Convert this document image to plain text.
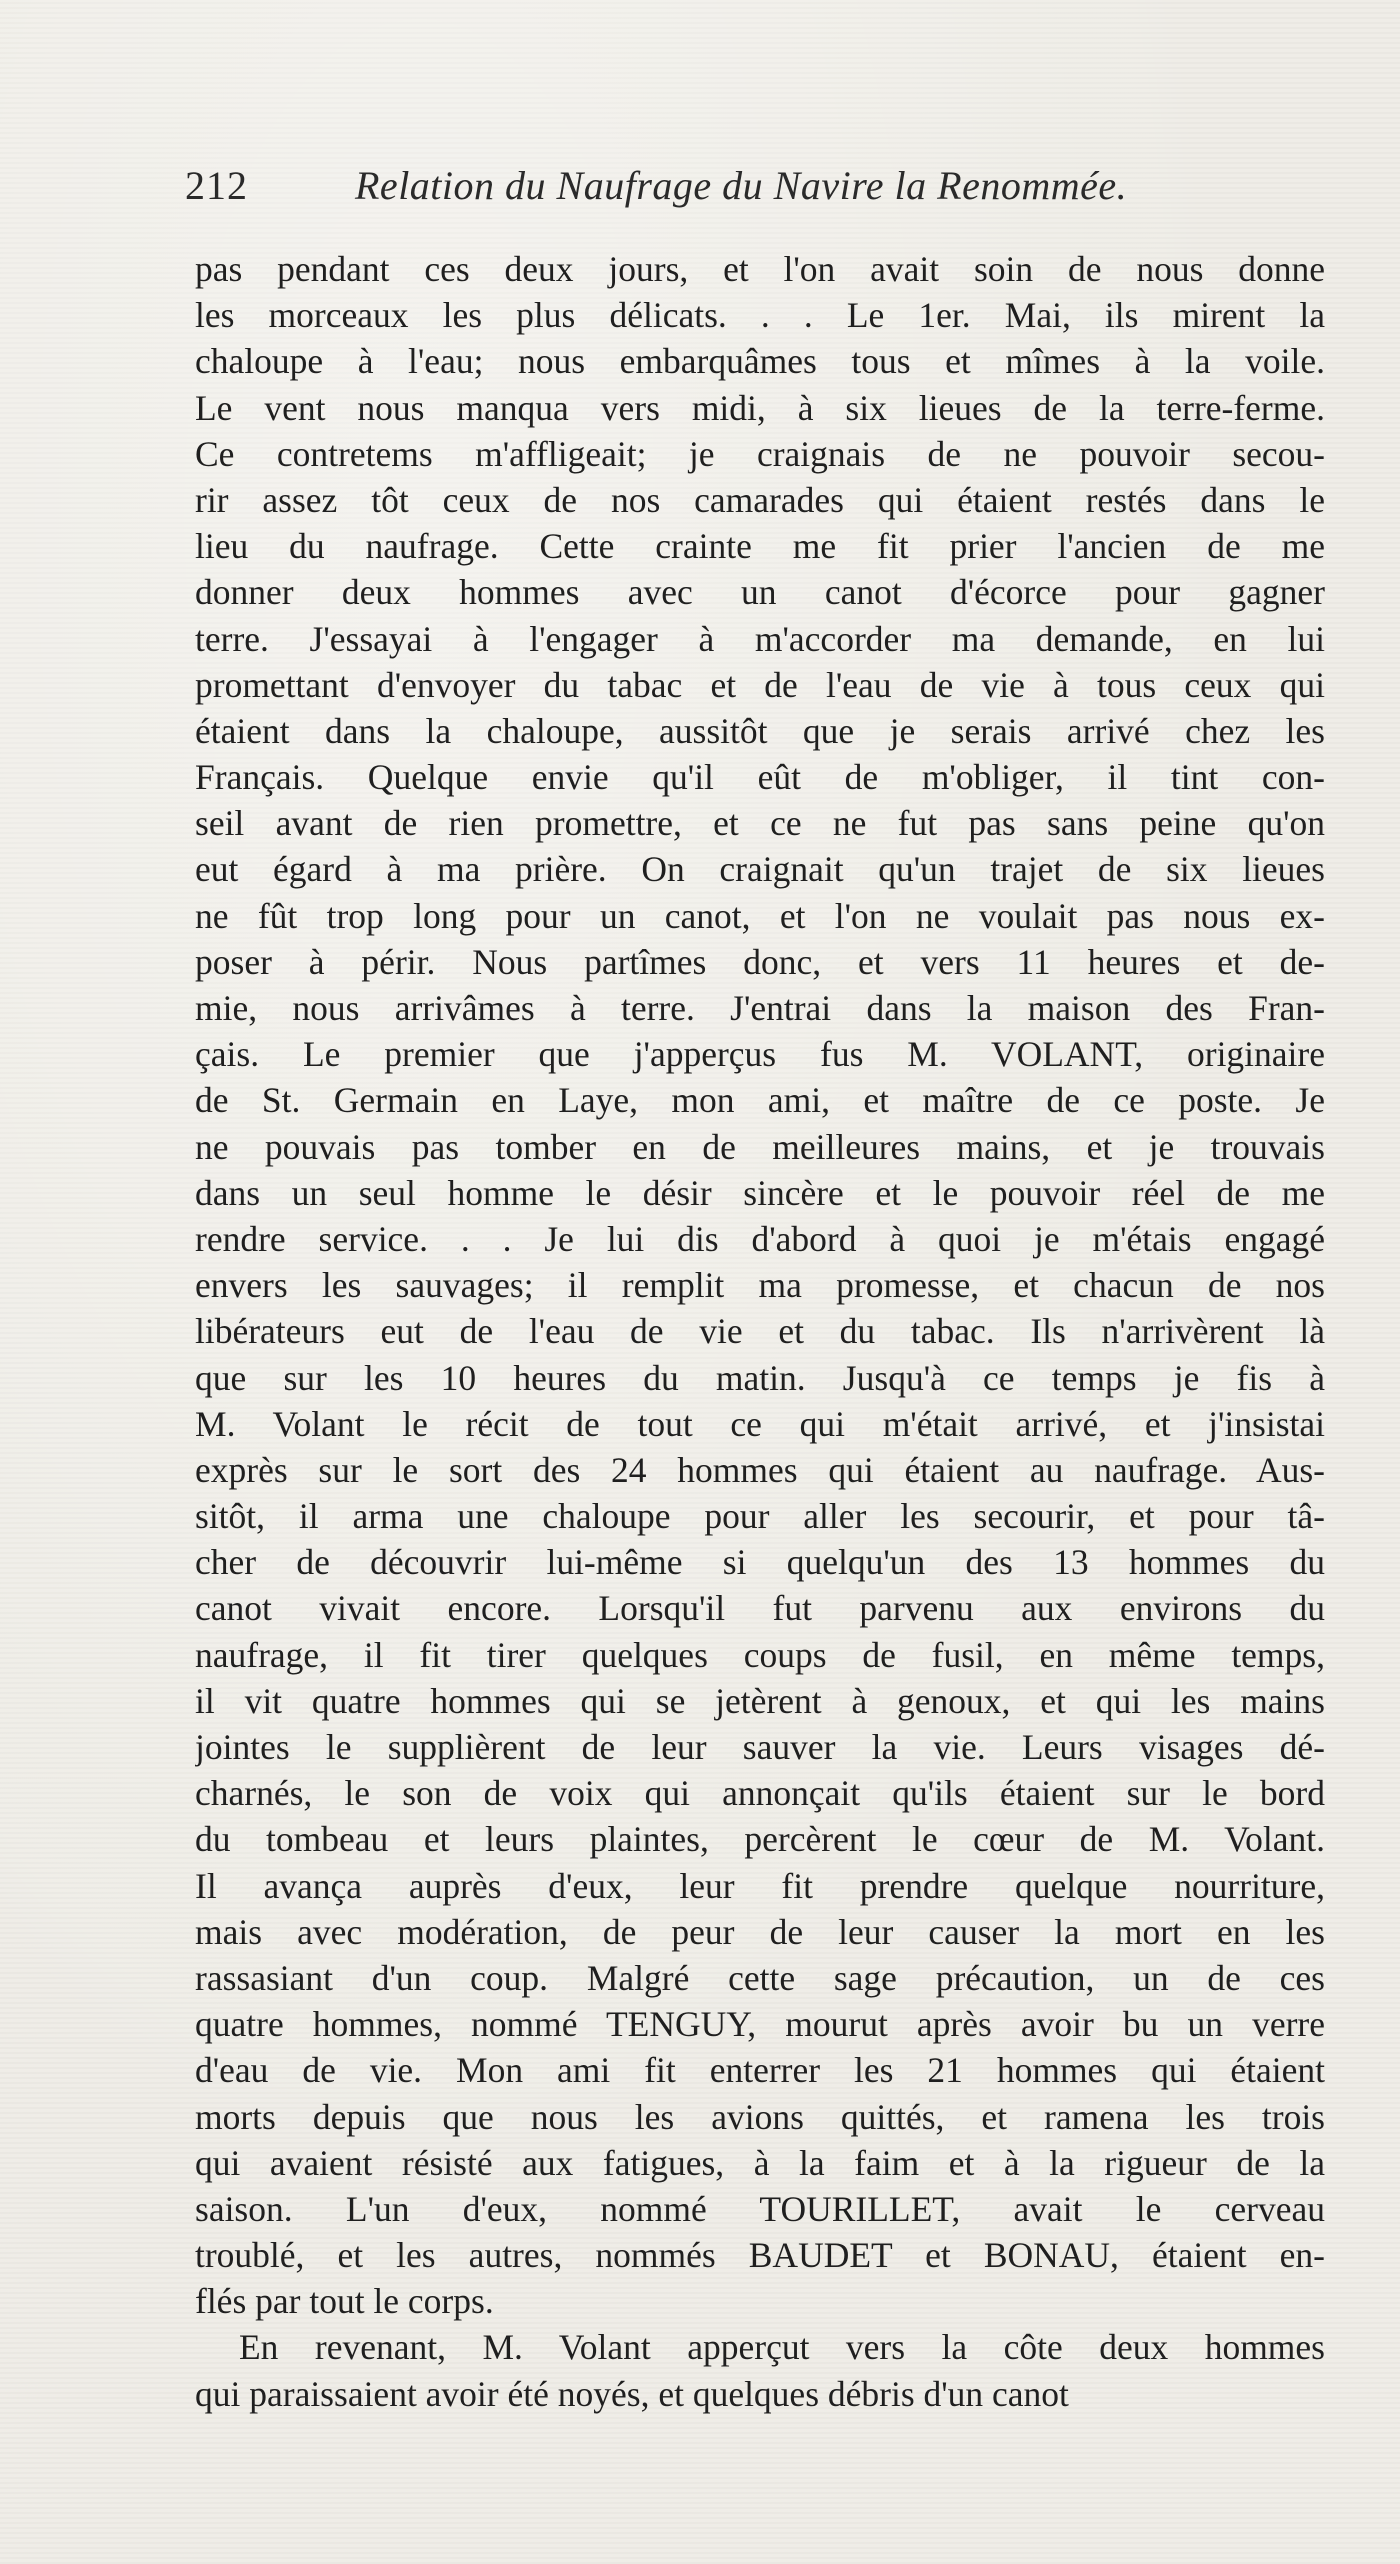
212	Relation du Naufrage du Navire la Renommée.
pas pendant ces deux jours, et l'on avait soin de nous donne
les morceaux les plus délicats. . . Le 1er. Mai, ils mirent la
chaloupe à l'eau; nous embarquâmes tous et mîmes à la voile.
Le vent nous manqua vers midi, à six lieues de la terre-ferme.
Ce contretems m'affligeait; je craignais de ne pouvoir secou-
rir assez tôt ceux de nos camarades qui étaient restés dans le
lieu du naufrage. Cette crainte me fit prier l'ancien de me
donner deux hommes avec un canot d'écorce pour gagner
terre. J'essayai à l'engager à m'accorder ma demande, en lui
promettant d'envoyer du tabac et de l'eau de vie à tous ceux qui
étaient dans la chaloupe, aussitôt que je serais arrivé chez les
Français. Quelque envie qu'il eût de m'obliger, il tint con-
seil avant de rien promettre, et ce ne fut pas sans peine qu'on
eut égard à ma prière. On craignait qu'un trajet de six lieues
ne fût trop long pour un canot, et l'on ne voulait pas nous ex-
poser à périr. Nous partîmes donc, et vers 11 heures et de-
mie, nous arrivâmes à terre. J'entrai dans la maison des Fran-
çais. Le premier que j'apperçus fus M. VOLANT, originaire
de St. Germain en Laye, mon ami, et maître de ce poste. Je
ne pouvais pas tomber en de meilleures mains, et je trouvais
dans un seul homme le désir sincère et le pouvoir réel de me
rendre service. . . Je lui dis d'abord à quoi je m'étais engagé
envers les sauvages; il remplit ma promesse, et chacun de nos
libérateurs eut de l'eau de vie et du tabac. Ils n'arrivèrent là
que sur les 10 heures du matin. Jusqu'à ce temps je fis à
M. Volant le récit de tout ce qui m'était arrivé, et j'insistai
exprès sur le sort des 24 hommes qui étaient au naufrage. Aus-
sitôt, il arma une chaloupe pour aller les secourir, et pour tâ-
cher de découvrir lui-même si quelqu'un des 13 hommes du
canot vivait encore. Lorsqu'il fut parvenu aux environs du
naufrage, il fit tirer quelques coups de fusil, en même temps,
il vit quatre hommes qui se jetèrent à genoux, et qui les mains
jointes le supplièrent de leur sauver la vie. Leurs visages dé-
charnés, le son de voix qui annonçait qu'ils étaient sur le bord
du tombeau et leurs plaintes, percèrent le cœur de M. Volant.
Il avança auprès d'eux, leur fit prendre quelque nourriture,
mais avec modération, de peur de leur causer la mort en les
rassasiant d'un coup. Malgré cette sage précaution, un de ces
quatre hommes, nommé TENGUY, mourut après avoir bu un verre
d'eau de vie. Mon ami fit enterrer les 21 hommes qui étaient
morts depuis que nous les avions quittés, et ramena les trois
qui avaient résisté aux fatigues, à la faim et à la rigueur de la
saison. L'un d'eux, nommé TOURILLET, avait le cerveau
troublé, et les autres, nommés BAUDET et BONAU, étaient en-
flés par tout le corps.
En revenant, M. Volant apperçut vers la côte deux hommes
qui paraissaient avoir été noyés, et quelques débris d'un canot
